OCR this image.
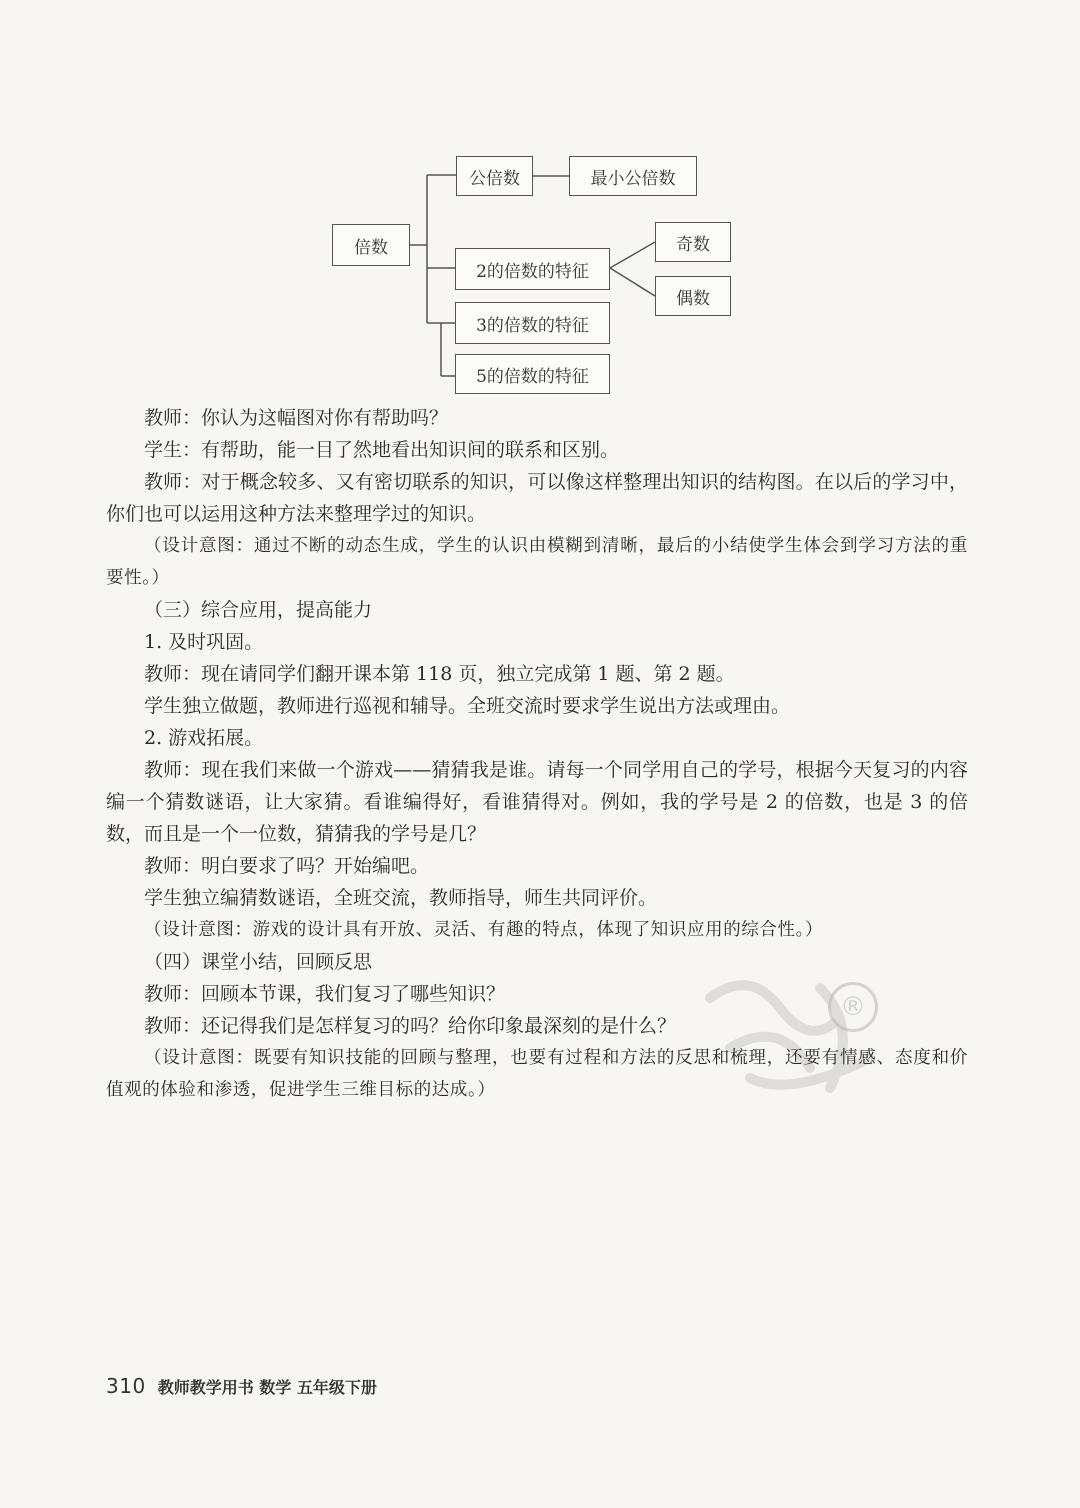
倍数
公倍数	最小公倍数
2的倍数的特征
3的倍数的特征
5的倍数的特征
奇数
偶数

教师：你认为这幅图对你有帮助吗？

学生：有帮助，能一目了然地看出知识间的联系和区别。

教师：对于概念较多、又有密切联系的知识，可以像这样整理出知识的结构图。在以后的学习中，你们也可以运用这种方法来整理学过的知识。

（设计意图：通过不断的动态生成，学生的认识由模糊到清晰，最后的小结使学生体会到学习方法的重要性。）

（三）综合应用，提高能力

1. 及时巩固。

教师：现在请同学们翻开课本第 118 页，独立完成第 1 题、第 2 题。

学生独立做题，教师进行巡视和辅导。全班交流时要求学生说出方法或理由。

2. 游戏拓展。

教师：现在我们来做一个游戏——猜猜我是谁。请每一个同学用自己的学号，根据今天复习的内容编一个猜数谜语，让大家猜。看谁编得好，看谁猜得对。例如，我的学号是 2 的倍数，也是 3 的倍数，而且是一个一位数，猜猜我的学号是几？

教师：明白要求了吗？开始编吧。

学生独立编猜数谜语，全班交流，教师指导，师生共同评价。

（设计意图：游戏的设计具有开放、灵活、有趣的特点，体现了知识应用的综合性。）

（四）课堂小结，回顾反思

教师：回顾本节课，我们复习了哪些知识？

教师：还记得我们是怎样复习的吗？给你印象最深刻的是什么？

（设计意图：既要有知识技能的回顾与整理，也要有过程和方法的反思和梳理，还要有情感、态度和价值观的体验和渗透，促进学生三维目标的达成。）

®
310 教师教学用书 数学 五年级下册
